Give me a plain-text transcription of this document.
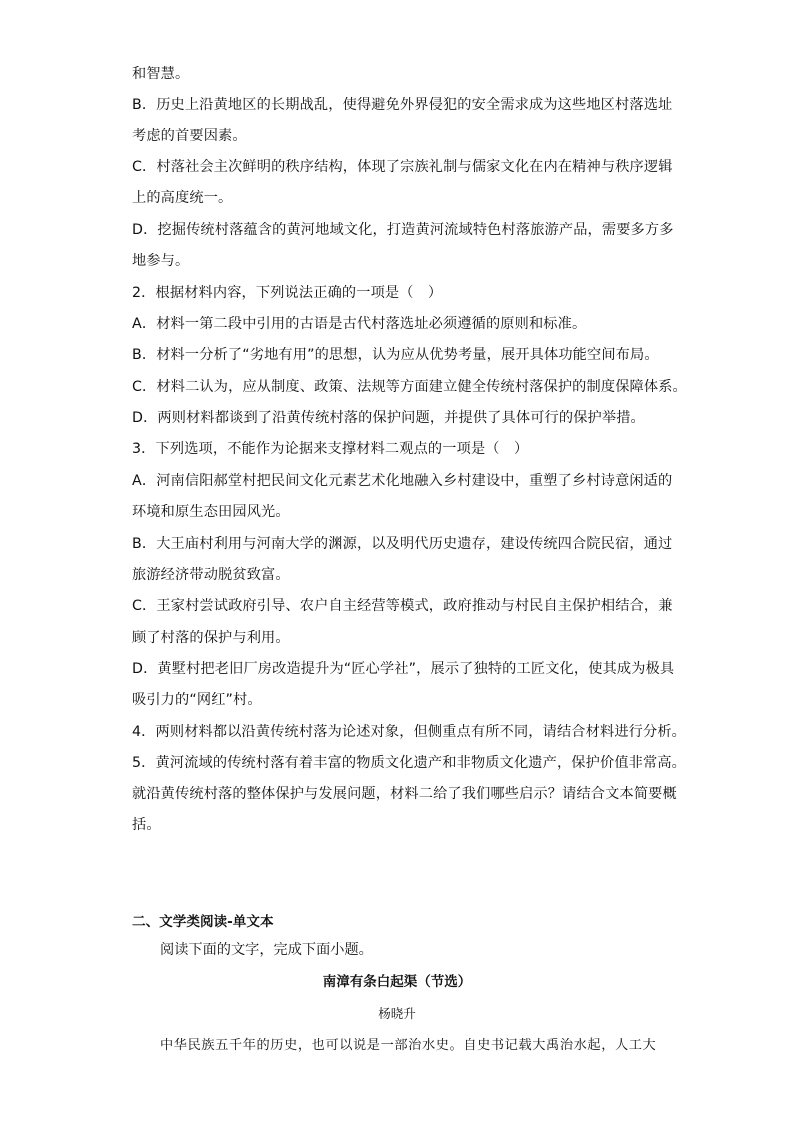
和智慧。
B．历史上沿黄地区的长期战乱，使得避免外界侵犯的安全需求成为这些地区村落选址
考虑的首要因素。
C．村落社会主次鲜明的秩序结构，体现了宗族礼制与儒家文化在内在精神与秩序逻辑
上的高度统一。
D．挖掘传统村落蕴含的黄河地域文化，打造黄河流域特色村落旅游产品，需要多方多
地参与。
2．根据材料内容，下列说法正确的一项是（　）
A．材料一第二段中引用的古语是古代村落选址必须遵循的原则和标准。
B．材料一分析了“劣地有用”的思想，认为应从优势考量，展开具体功能空间布局。
C．材料二认为，应从制度、政策、法规等方面建立健全传统村落保护的制度保障体系。
D．两则材料都谈到了沿黄传统村落的保护问题，并提供了具体可行的保护举措。
3．下列选项，不能作为论据来支撑材料二观点的一项是（　）
A．河南信阳郝堂村把民间文化元素艺术化地融入乡村建设中，重塑了乡村诗意闲适的
环境和原生态田园风光。
B．大王庙村利用与河南大学的渊源，以及明代历史遗存，建设传统四合院民宿，通过
旅游经济带动脱贫致富。
C．王家村尝试政府引导、农户自主经营等模式，政府推动与村民自主保护相结合，兼
顾了村落的保护与利用。
D．黄墅村把老旧厂房改造提升为“匠心学社”，展示了独特的工匠文化，使其成为极具
吸引力的“网红”村。
4．两则材料都以沿黄传统村落为论述对象，但侧重点有所不同，请结合材料进行分析。
5．黄河流域的传统村落有着丰富的物质文化遗产和非物质文化遗产，保护价值非常高。
就沿黄传统村落的整体保护与发展问题，材料二给了我们哪些启示？请结合文本简要概
括。
二、文学类阅读-单文本
阅读下面的文字，完成下面小题。
南漳有条白起渠（节选）
杨晓升
中华民族五千年的历史，也可以说是一部治水史。自史书记载大禹治水起，人工大
